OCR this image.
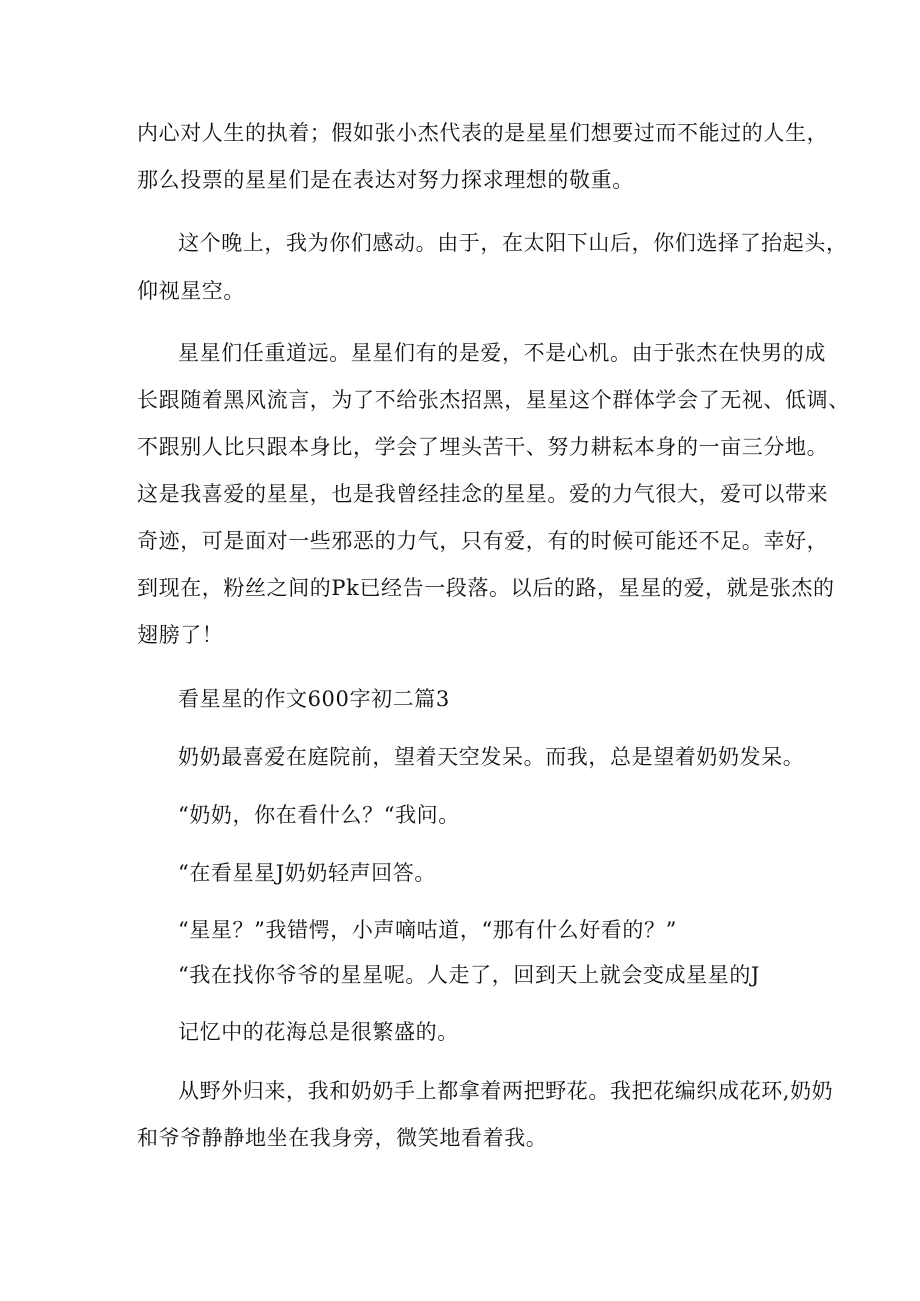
内心对人生的执着；假如张小杰代表的是星星们想要过而不能过的人生，
那么投票的星星们是在表达对努力探求理想的敬重。
这个晚上，我为你们感动。由于，在太阳下山后，你们选择了抬起头，
仰视星空。
星星们任重道远。星星们有的是爱，不是心机。由于张杰在快男的成
长跟随着黑风流言，为了不给张杰招黑，星星这个群体学会了无视、低调、
不跟别人比只跟本身比，学会了埋头苦干、努力耕耘本身的一亩三分地。
这是我喜爱的星星，也是我曾经挂念的星星。爱的力气很大，爱可以带来
奇迹，可是面对一些邪恶的力气，只有爱，有的时候可能还不足。幸好，
到现在，粉丝之间的Pk已经告一段落。以后的路，星星的爱，就是张杰的
翅膀了！
看星星的作文600字初二篇3
奶奶最喜爱在庭院前，望着天空发呆。而我，总是望着奶奶发呆。
“奶奶，你在看什么？“我问。
“在看星星J奶奶轻声回答。
“星星？”我错愕，小声嘀咕道，“那有什么好看的？”
“我在找你爷爷的星星呢。人走了，回到天上就会变成星星的J
记忆中的花海总是很繁盛的。
从野外归来，我和奶奶手上都拿着两把野花。我把花编织成花环,奶奶
和爷爷静静地坐在我身旁，微笑地看着我。
